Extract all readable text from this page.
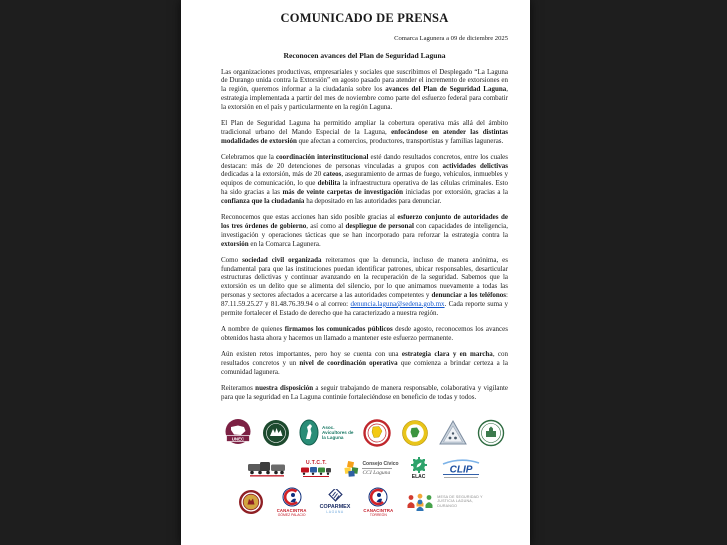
COMUNICADO DE PRENSA
Comarca Lagunera a 09 de diciembre 2025
Reconocen avances del Plan de Seguridad Laguna

Las organizaciones productivas, empresariales y sociales que suscribimos el Desplegado “La Laguna de Durango unida contra la Extorsión” en agosto pasado para atender el incremento de extorsiones en la región, queremos informar a la ciudadanía sobre los avances del Plan de Seguridad Laguna, estrategia implementada a partir del mes de noviembre como parte del esfuerzo federal para combatir la extorsión en el país y particularmente en la región Laguna.

El Plan de Seguridad Laguna ha permitido ampliar la cobertura operativa más allá del ámbito tradicional urbano del Mando Especial de la Laguna, enfocándose en atender las distintas modalidades de extorsión que afectan a comercios, productores, transportistas y familias laguneras.

Celebramos que la coordinación interinstitucional esté dando resultados concretos, entre los cuales destacan: más de 20 detenciones de personas vinculadas a grupos con actividades delictivas dedicadas a la extorsión, más de 20 cateos, aseguramiento de armas de fuego, vehículos, inmuebles y equipos de comunicación, lo que debilita la infraestructura operativa de las células criminales. Esto ha sido gracias a las más de veinte carpetas de investigación iniciadas por extorsión, gracias a la confianza que la ciudadanía ha depositado en las autoridades para denunciar.

Reconocemos que estas acciones han sido posible gracias al esfuerzo conjunto de autoridades de los tres órdenes de gobierno, así como al despliegue de personal con capacidades de inteligencia, investigación y operaciones tácticas que se han incorporado para reforzar la estrategia contra la extorsión en la Comarca Lagunera.

Como sociedad civil organizada reiteramos que la denuncia, incluso de manera anónima, es fundamental para que las instituciones puedan identificar patrones, ubicar responsables, desarticular estructuras delictivas y continuar avanzando en la recuperación de la seguridad. Sabemos que la extorsión es un delito que se alimenta del silencio, por lo que animamos nuevamente a todas las personas y sectores afectados a acercarse a las autoridades competentes y denunciar a los teléfonos: 87.11.59.25.27 y 81.48.76.39.94 o al correo: denuncia.laguna@sedena.gob.mx. Cada reporte suma y permite fortalecer el Estado de derecho que ha caracterizado a nuestra región.

A nombre de quienes firmamos los comunicados públicos desde agosto, reconocemos los avances obtenidos hasta ahora y hacemos un llamado a mantener este esfuerzo permanente.

Aún existen retos importantes, pero hoy se cuenta con una estrategia clara y en marcha, con resultados concretos y un nivel de coordinación operativa que comienza a brindar certeza a la comunidad lagunera.

Reiteramos nuestra disposición a seguir trabajando de manera responsable, colaborativa y vigilante para que la seguridad en La Laguna continúe fortaleciéndose en beneficio de todas y todos.

UNEC
Asoc. Avicultores de la Laguna
U.T.C.T.	Consejo Cívico
CCI Laguna
ELAC
CLIP
CANACINTRA
GÓMEZ PALACIO
COPARMEX
LAGUNA	CANACINTRA
TORREÓN
MESA DE SEGURIDAD Y JUSTICIA LAGUNA, DURANGO
